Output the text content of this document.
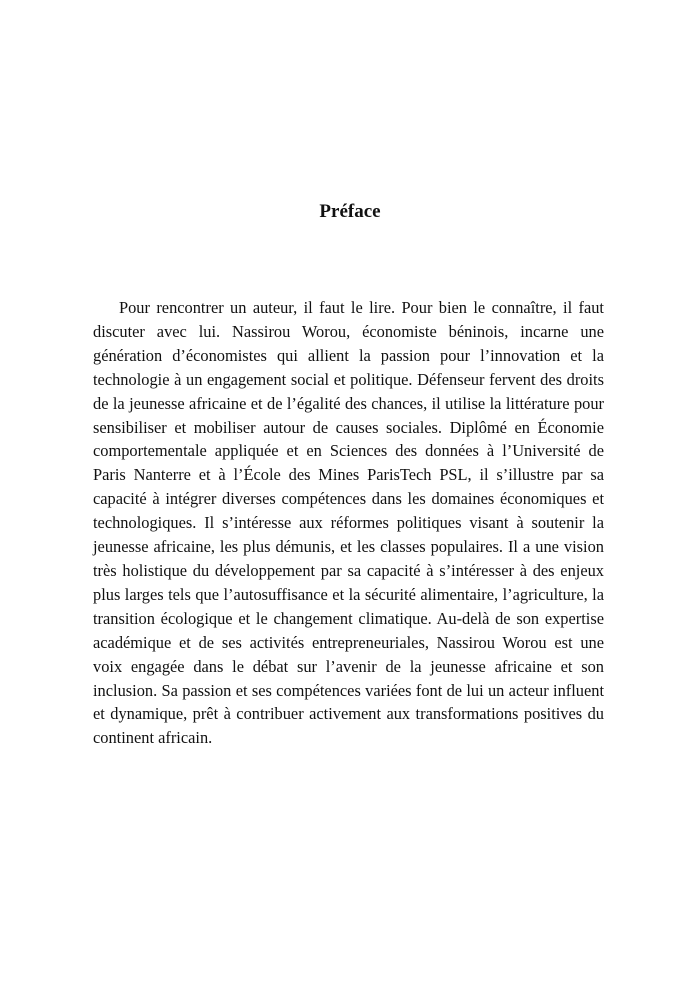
Préface

Pour rencontrer un auteur, il faut le lire. Pour bien le connaître, il faut discuter avec lui. Nassirou Worou, économiste béninois, incarne une génération d’économistes qui allient la passion pour l’innovation et la technologie à un engagement social et politique. Défenseur fervent des droits de la jeunesse africaine et de l’égalité des chances, il utilise la littérature pour sensibiliser et mobiliser autour de causes sociales. Diplômé en Économie comportementale appliquée et en Sciences des données à l’Université de Paris Nanterre et à l’École des Mines ParisTech PSL, il s’illustre par sa capacité à intégrer diverses compétences dans les domaines économiques et technologiques. Il s’intéresse aux réformes politiques visant à soutenir la jeunesse africaine, les plus démunis, et les classes populaires. Il a une vision très holistique du développement par sa capacité à s’intéresser à des enjeux plus larges tels que l’autosuffisance et la sécurité alimentaire, l’agriculture, la transition écologique et le changement climatique. Au-delà de son expertise académique et de ses activités entrepreneuriales, Nassirou Worou est une voix engagée dans le débat sur l’avenir de la jeunesse africaine et son inclusion. Sa passion et ses compétences variées font de lui un acteur influent et dynamique, prêt à contribuer activement aux transformations positives du continent africain.
